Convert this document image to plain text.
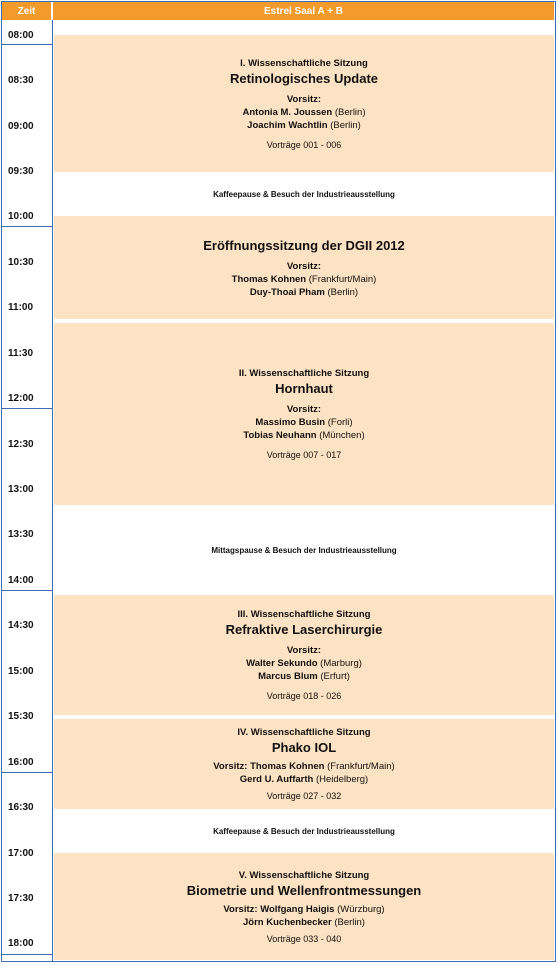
Zeit	Estrel Saal A + B
08:00
08:30
09:00
09:30
10:00
10:30
11:00
11:30
12:00
12:30
13:00
13:30
14:00
14:30
15:00
15:30
16:00
16:30
17:00
17:30
18:00
I. Wissenschaftliche Sitzung
Retinologisches Update
Vorsitz:
Antonia M. Joussen (Berlin)
Joachim Wachtlin (Berlin)
Vorträge 001 - 006
Kaffeepause & Besuch der Industrieausstellung
Eröffnungssitzung der DGII 2012
Vorsitz:
Thomas Kohnen (Frankfurt/Main)
Duy-Thoai Pham (Berlin)
II. Wissenschaftliche Sitzung
Hornhaut
Vorsitz:
Massimo Busin (Forli)
Tobias Neuhann (München)
Vorträge 007 - 017
Mittagspause & Besuch der Industrieausstellung
III. Wissenschaftliche Sitzung
Refraktive Laserchirurgie
Vorsitz:
Walter Sekundo (Marburg)
Marcus Blum (Erfurt)
Vorträge 018 - 026
IV. Wissenschaftliche Sitzung
Phako IOL
Vorsitz: Thomas Kohnen (Frankfurt/Main)
Gerd U. Auffarth (Heidelberg)
Vorträge 027 - 032
Kaffeepause & Besuch der Industrieausstellung
V. Wissenschaftliche Sitzung
Biometrie und Wellenfrontmessungen
Vorsitz: Wolfgang Haigis (Würzburg)
Jörn Kuchenbecker (Berlin)
Vorträge 033 - 040
